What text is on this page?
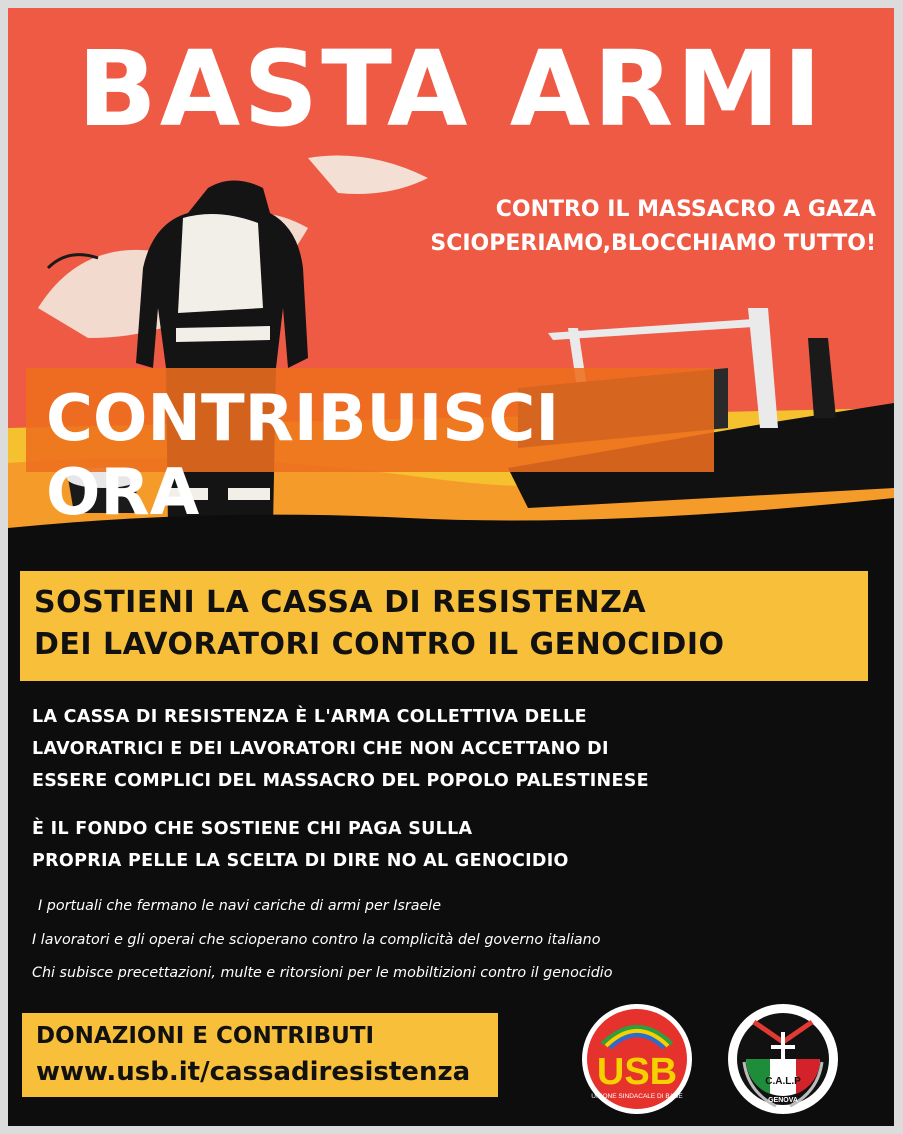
BASTA ARMI
CONTRO IL MASSACRO A GAZA
SCIOPERIAMO,BLOCCHIAMO TUTTO!
CONTRIBUISCI ORA
SOSTIENI LA CASSA DI RESISTENZA
DEI LAVORATORI CONTRO IL GENOCIDIO
LA CASSA DI RESISTENZA È L'ARMA COLLETTIVA DELLE
LAVORATRICI E DEI LAVORATORI CHE NON ACCETTANO DI
ESSERE COMPLICI DEL MASSACRO DEL POPOLO PALESTINESE
È IL FONDO CHE SOSTIENE CHI PAGA SULLA
PROPRIA PELLE LA SCELTA DI DIRE NO AL GENOCIDIO
I portuali che fermano le navi cariche di armi per Israele
I lavoratori e gli operai che scioperano contro la complicità del governo italiano
Chi subisce precettazioni, multe e ritorsioni per le mobiltizioni contro il genocidio
DONAZIONI E CONTRIBUTI
www.usb.it/cassadiresistenza	USB
UNIONE SINDACALE DI BASE
C.A.L.P
GENOVA
